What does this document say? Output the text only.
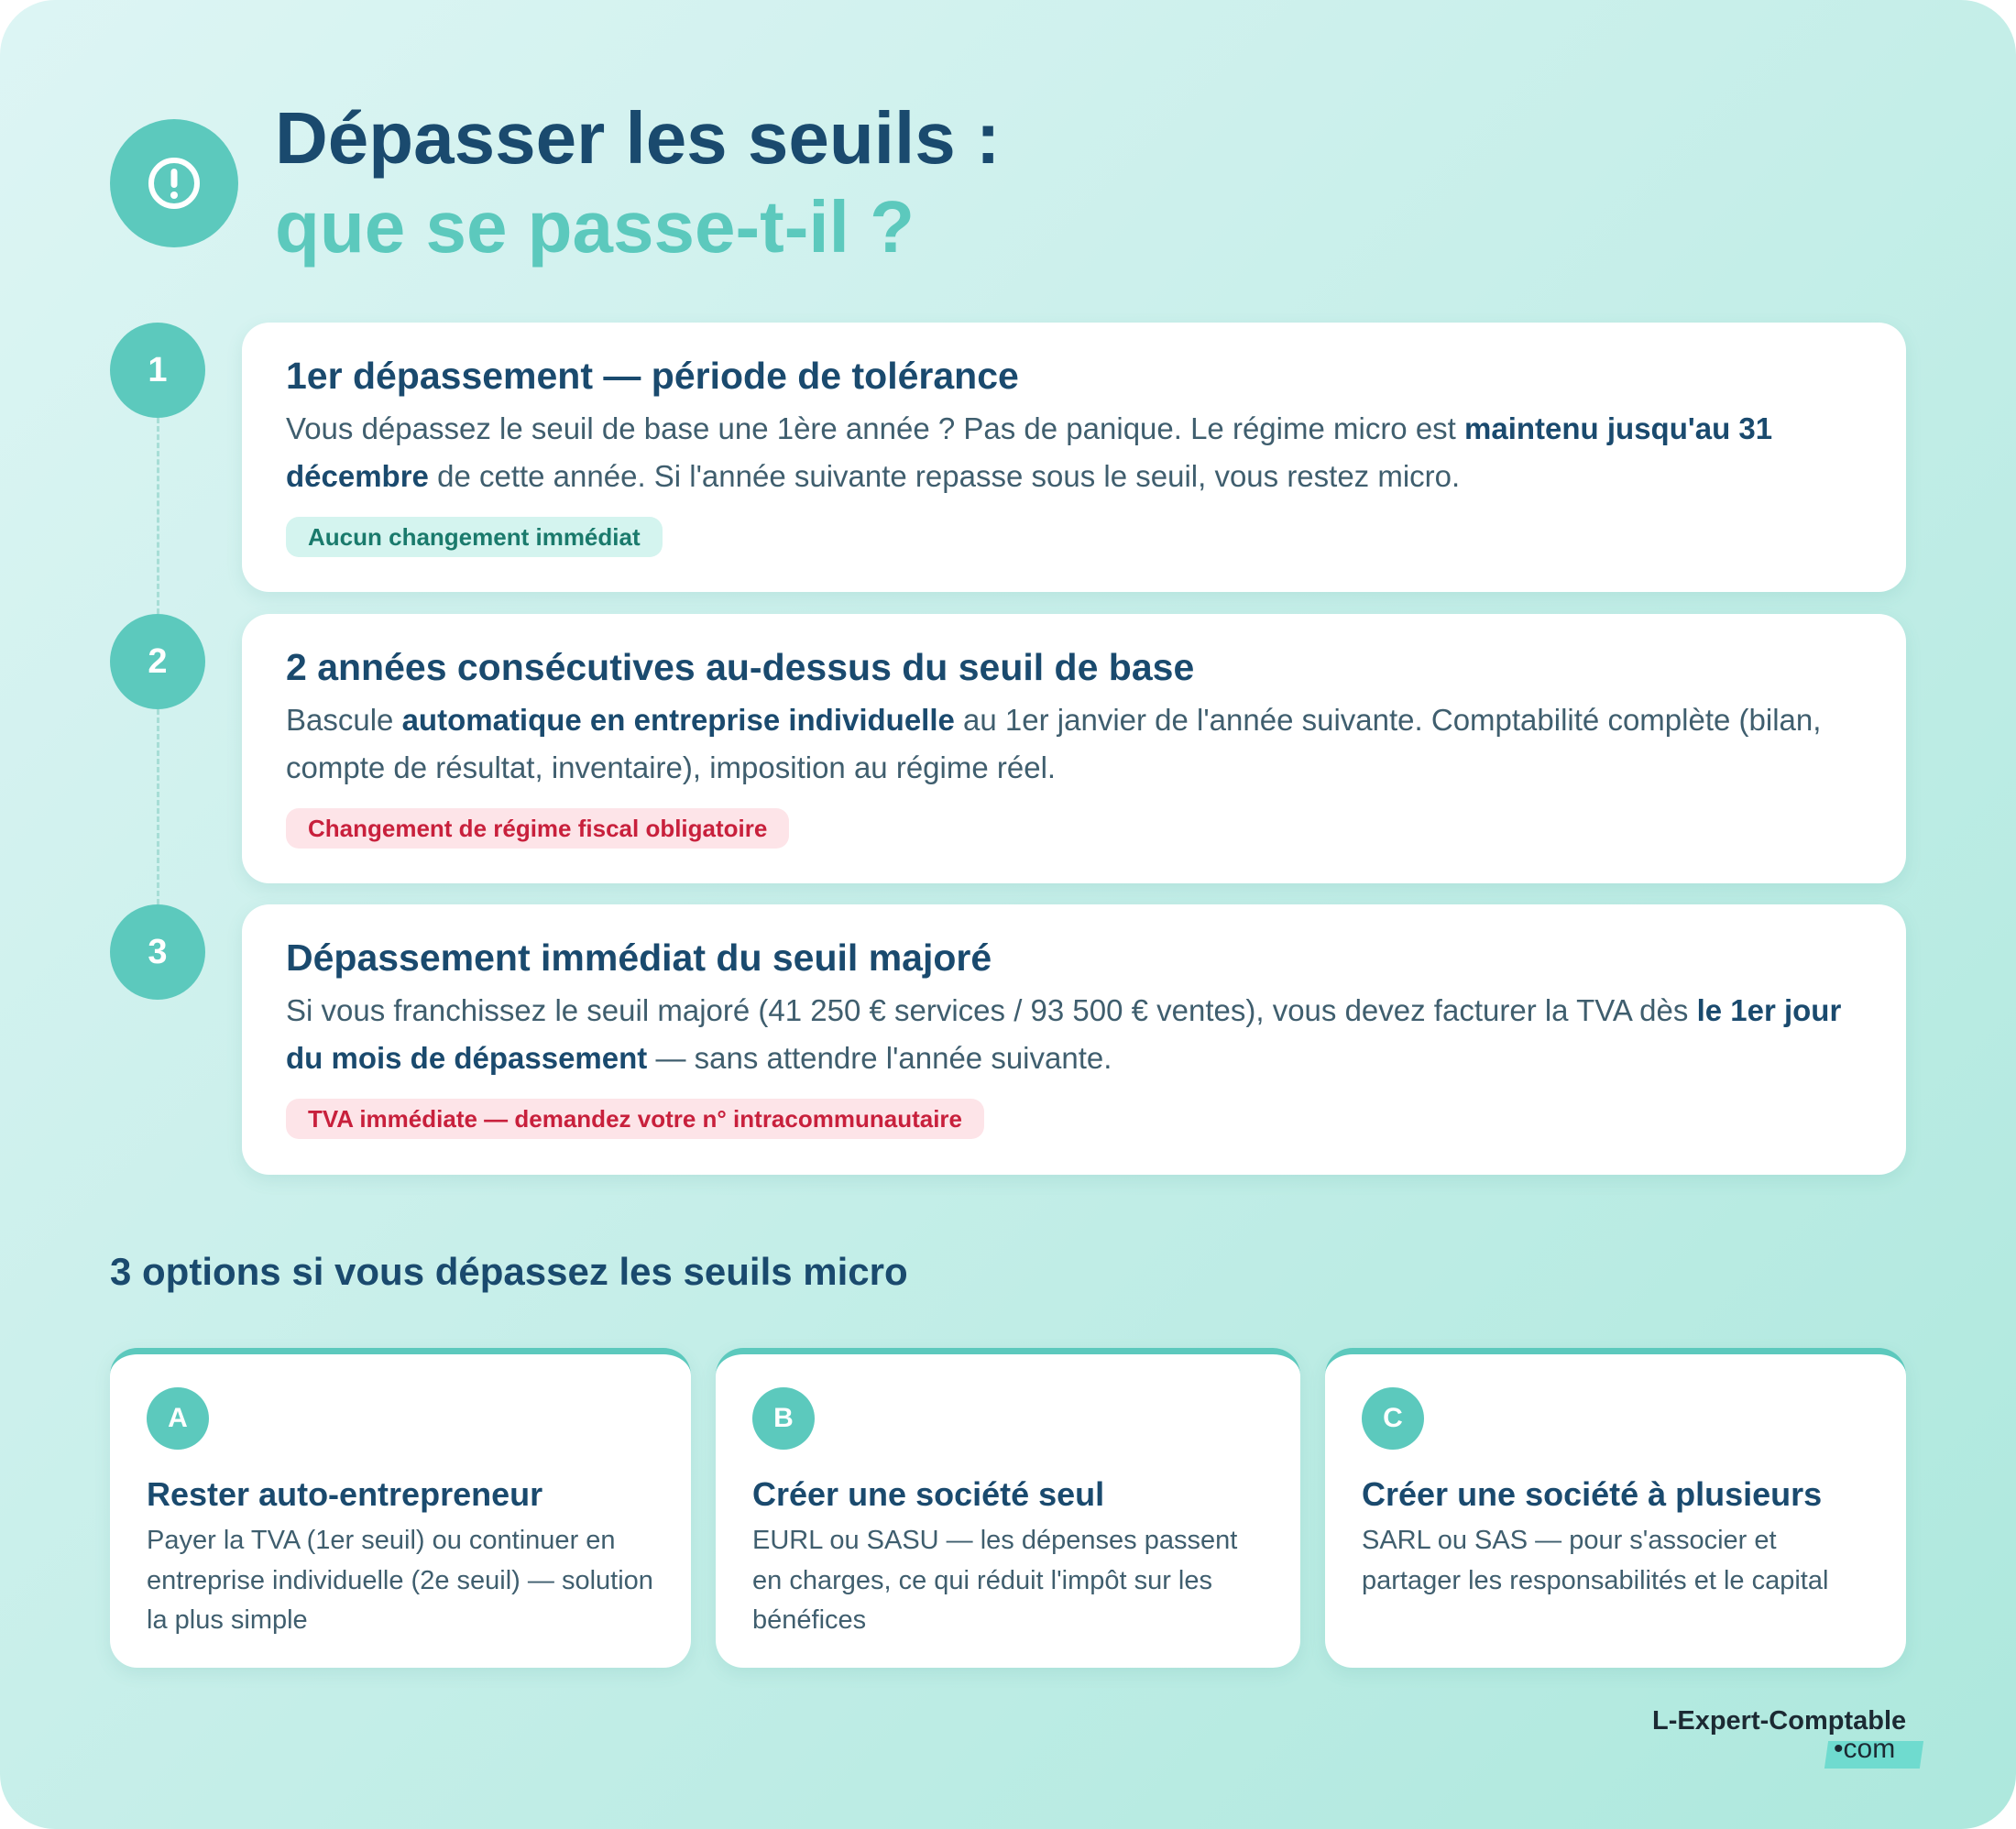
Dépasser les seuils :
que se passe-t-il ?
1	1er dépassement — période de tolérance

Vous dépassez le seuil de base une 1ère année ? Pas de panique. Le régime micro est maintenu jusqu'au 31 décembre de cette année. Si l'année suivante repasse sous le seuil, vous restez micro.

Aucun changement immédiat
2	2 années consécutives au-dessus du seuil de base

Bascule automatique en entreprise individuelle au 1er janvier de l'année suivante. Comptabilité complète (bilan, compte de résultat, inventaire), imposition au régime réel.

Changement de régime fiscal obligatoire
3	Dépassement immédiat du seuil majoré

Si vous franchissez le seuil majoré (41 250 € services / 93 500 € ventes), vous devez facturer la TVA dès le 1er jour du mois de dépassement — sans attendre l'année suivante.

TVA immédiate — demandez votre n° intracommunautaire
3 options si vous dépassez les seuils micro
A
Rester auto-entrepreneur

Payer la TVA (1er seuil) ou continuer en entreprise individuelle (2e seuil) — solution la plus simple

B
Créer une société seul

EURL ou SASU — les dépenses passent en charges, ce qui réduit l'impôt sur les bénéfices

C
Créer une société à plusieurs

SARL ou SAS — pour s'associer et partager les responsabilités et le capital

L-Expert-Comptable
•com
